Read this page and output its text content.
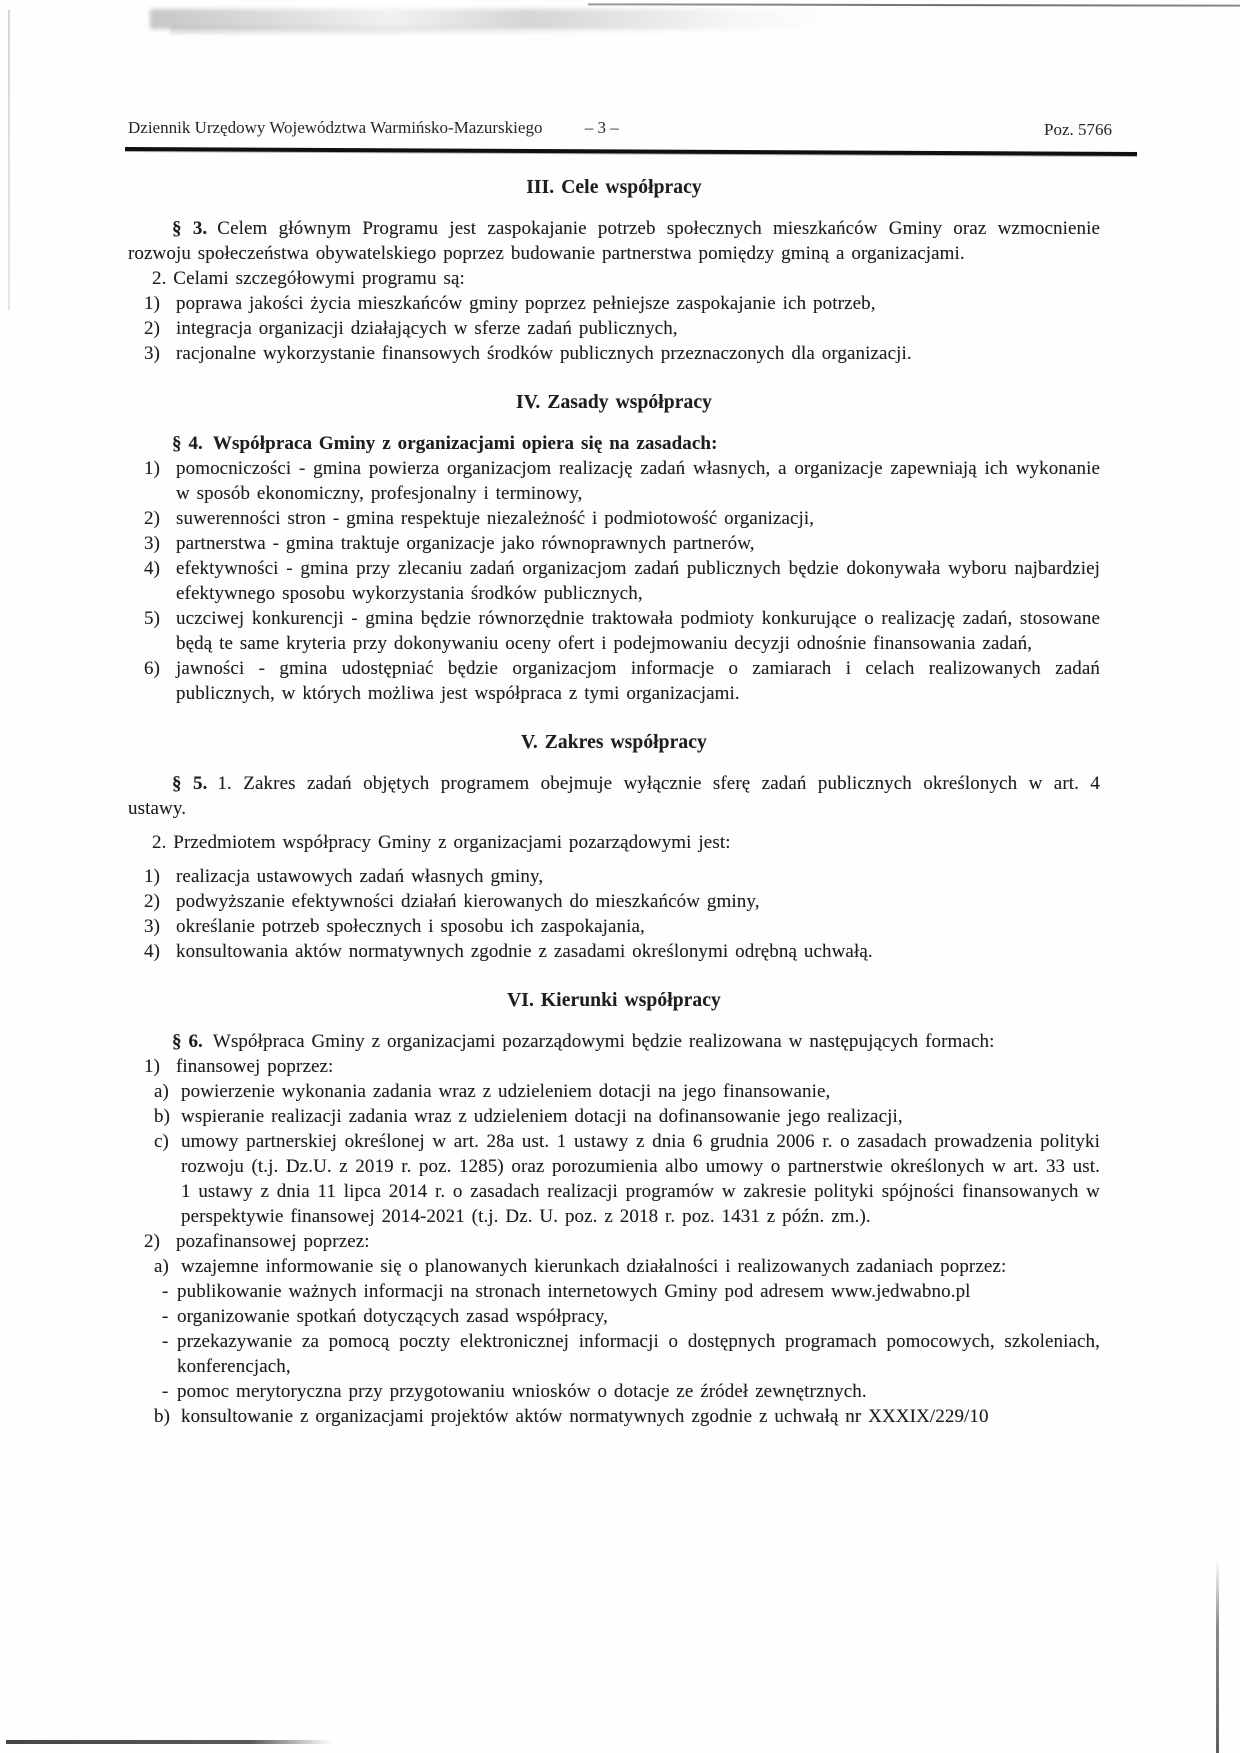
Dziennik Urzędowy Województwa Warmińsko-Mazurskiego – 3 –	Poz. 5766
III. Cele współpracy

§ 3. Celem głównym Programu jest zaspokajanie potrzeb społecznych mieszkańców Gminy oraz wzmocnienie rozwoju społeczeństwa obywatelskiego poprzez budowanie partnerstwa pomiędzy gminą a organizacjami.

2. Celami szczegółowymi programu są:

1) poprawa jakości życia mieszkańców gminy poprzez pełniejsze zaspokajanie ich potrzeb,
2) integracja organizacji działających w sferze zadań publicznych,
3) racjonalne wykorzystanie finansowych środków publicznych przeznaczonych dla organizacji.
IV. Zasady współpracy

§ 4. Współpraca Gminy z organizacjami opiera się na zasadach:

1) pomocniczości - gmina powierza organizacjom realizację zadań własnych, a organizacje zapewniają ich wykonanie w sposób ekonomiczny, profesjonalny i terminowy,
2) suwerenności stron - gmina respektuje niezależność i podmiotowość organizacji,
3) partnerstwa - gmina traktuje organizacje jako równoprawnych partnerów,
4) efektywności - gmina przy zlecaniu zadań organizacjom zadań publicznych będzie dokonywała wyboru najbardziej efektywnego sposobu wykorzystania środków publicznych,
5) uczciwej konkurencji - gmina będzie równorzędnie traktowała podmioty konkurujące o realizację zadań, stosowane będą te same kryteria przy dokonywaniu oceny ofert i podejmowaniu decyzji odnośnie finansowania zadań,
6) jawności - gmina udostępniać będzie organizacjom informacje o zamiarach i celach realizowanych zadań publicznych, w których możliwa jest współpraca z tymi organizacjami.
V. Zakres współpracy

§ 5. 1. Zakres zadań objętych programem obejmuje wyłącznie sferę zadań publicznych określonych w art. 4 ustawy.

2. Przedmiotem współpracy Gminy z organizacjami pozarządowymi jest:

1) realizacja ustawowych zadań własnych gminy,
2) podwyższanie efektywności działań kierowanych do mieszkańców gminy,
3) określanie potrzeb społecznych i sposobu ich zaspokajania,
4) konsultowania aktów normatywnych zgodnie z zasadami określonymi odrębną uchwałą.
VI. Kierunki współpracy

§ 6. Współpraca Gminy z organizacjami pozarządowymi będzie realizowana w następujących formach:

1) finansowej poprzez:
a) powierzenie wykonania zadania wraz z udzieleniem dotacji na jego finansowanie,
b) wspieranie realizacji zadania wraz z udzieleniem dotacji na dofinansowanie jego realizacji,
c) umowy partnerskiej określonej w art. 28a ust. 1 ustawy z dnia 6 grudnia 2006 r. o zasadach prowadzenia polityki rozwoju (t.j. Dz.U. z 2019 r. poz. 1285) oraz porozumienia albo umowy o partnerstwie określonych w art. 33 ust. 1 ustawy z dnia 11 lipca 2014 r. o zasadach realizacji programów w zakresie polityki spójności finansowanych w perspektywie finansowej 2014-2021 (t.j. Dz. U. poz. z 2018 r. poz. 1431 z późn. zm.).
2) pozafinansowej poprzez:
a) wzajemne informowanie się o planowanych kierunkach działalności i realizowanych zadaniach poprzez:
- publikowanie ważnych informacji na stronach internetowych Gminy pod adresem www.jedwabno.pl
- organizowanie spotkań dotyczących zasad współpracy,
- przekazywanie za pomocą poczty elektronicznej informacji o dostępnych programach pomocowych, szkoleniach, konferencjach,
- pomoc merytoryczna przy przygotowaniu wniosków o dotacje ze źródeł zewnętrznych.
b) konsultowanie z organizacjami projektów aktów normatywnych zgodnie z uchwałą nr XXXIX/229/10
